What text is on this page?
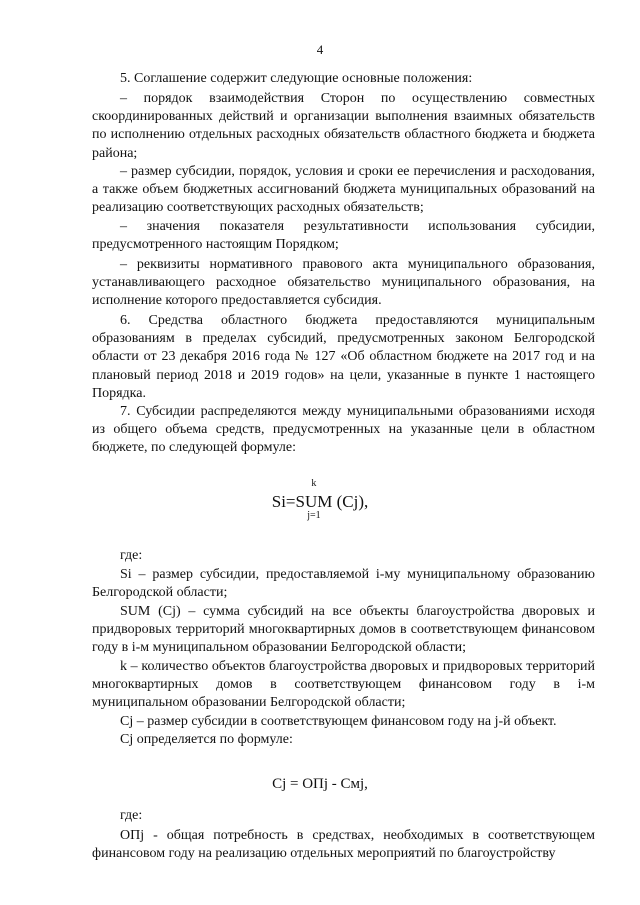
4

5. Соглашение содержит следующие основные положения:

– порядок взаимодействия Сторон по осуществлению совместных скоординированных действий и организации выполнения взаимных обязательств по исполнению отдельных расходных обязательств областного бюджета и бюджета района;

– размер субсидии, порядок, условия и сроки ее перечисления и расходования, а также объем бюджетных ассигнований бюджета муниципальных образований на реализацию соответствующих расходных обязательств;

– значения показателя результативности использования субсидии, предусмотренного настоящим Порядком;

– реквизиты нормативного правового акта муниципального образования, устанавливающего расходное обязательство муниципального образования, на исполнение которого предоставляется субсидия.

6. Средства областного бюджета предоставляются муниципальным образованиям в пределах субсидий, предусмотренных законом Белгородской области от 23 декабря 2016 года № 127 «Об областном бюджете на 2017 год и на плановый период 2018 и 2019 годов» на цели, указанные в пункте 1 настоящего Порядка.

7. Субсидии распределяются между муниципальными образованиями исходя из общего объема средств, предусмотренных на указанные цели в областном бюджете, по следующей формуле:

Si=
k
SUM
j=1
(Cj),
где:

Si – размер субсидии, предоставляемой i-му муниципальному образованию Белгородской области;

SUM (Cj) – сумма субсидий на все объекты благоустройства дворовых и придворовых территорий многоквартирных домов в соответствующем финансовом году в i-м муниципальном образовании Белгородской области;

k – количество объектов благоустройства дворовых и придворовых территорий многоквартирных домов в соответствующем финансовом году в i-м муниципальном образовании Белгородской области;

Cj – размер субсидии в соответствующем финансовом году на j-й объект.

Cj определяется по формуле:

Cj = ОПj - Cмj,
где:

ОПj - общая потребность в средствах, необходимых в соответствующем финансовом году на реализацию отдельных мероприятий по благоустройству
